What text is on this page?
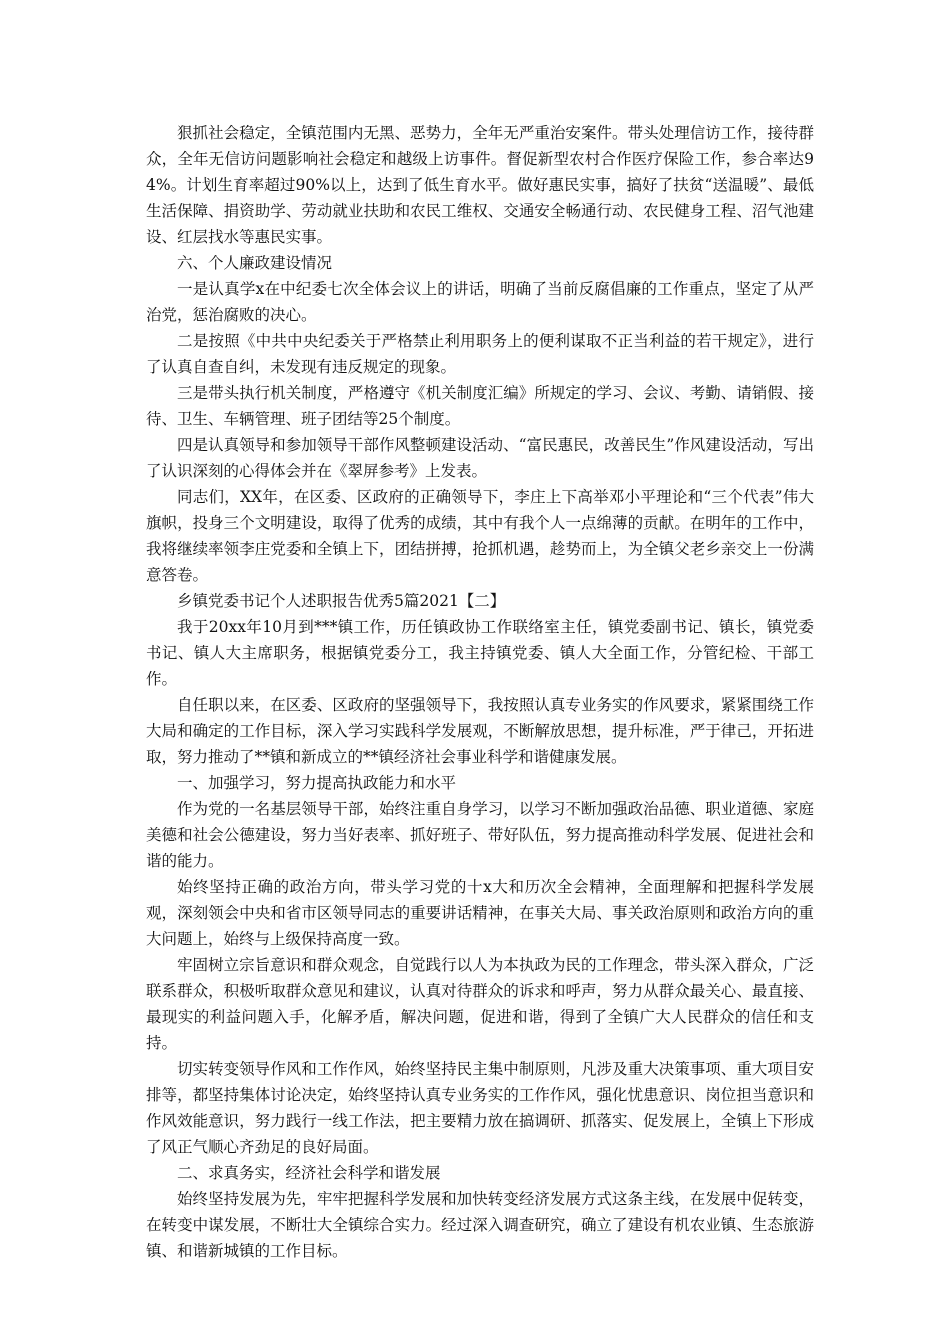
狠抓社会稳定，全镇范围内无黑、恶势力，全年无严重治安案件。带头处理信访工作，接待群众，全年无信访问题影响社会稳定和越级上访事件。督促新型农村合作医疗保险工作，参合率达94%。计划生育率超过90%以上，达到了低生育水平。做好惠民实事，搞好了扶贫“送温暖”、最低生活保障、捐资助学、劳动就业扶助和农民工维权、交通安全畅通行动、农民健身工程、沼气池建设、红层找水等惠民实事。

六、个人廉政建设情况

一是认真学x在中纪委七次全体会议上的讲话，明确了当前反腐倡廉的工作重点，坚定了从严治党，惩治腐败的决心。

二是按照《中共中央纪委关于严格禁止利用职务上的便利谋取不正当利益的若干规定》，进行了认真自查自纠，未发现有违反规定的现象。

三是带头执行机关制度，严格遵守《机关制度汇编》所规定的学习、会议、考勤、请销假、接待、卫生、车辆管理、班子团结等25个制度。

四是认真领导和参加领导干部作风整顿建设活动、“富民惠民，改善民生”作风建设活动，写出了认识深刻的心得体会并在《翠屏参考》上发表。

同志们，XX年，在区委、区政府的正确领导下，李庄上下高举邓小平理论和“三个代表”伟大旗帜，投身三个文明建设，取得了优秀的成绩，其中有我个人一点绵薄的贡献。在明年的工作中，我将继续率领李庄党委和全镇上下，团结拼搏，抢抓机遇，趁势而上，为全镇父老乡亲交上一份满意答卷。

乡镇党委书记个人述职报告优秀5篇2021【二】

我于20xx年10月到***镇工作，历任镇政协工作联络室主任，镇党委副书记、镇长，镇党委书记、镇人大主席职务，根据镇党委分工，我主持镇党委、镇人大全面工作，分管纪检、干部工作。

自任职以来，在区委、区政府的坚强领导下，我按照认真专业务实的作风要求，紧紧围绕工作大局和确定的工作目标，深入学习实践科学发展观，不断解放思想，提升标准，严于律己，开拓进取，努力推动了**镇和新成立的**镇经济社会事业科学和谐健康发展。

一、加强学习，努力提高执政能力和水平

作为党的一名基层领导干部，始终注重自身学习，以学习不断加强政治品德、职业道德、家庭美德和社会公德建设，努力当好表率、抓好班子、带好队伍，努力提高推动科学发展、促进社会和谐的能力。

始终坚持正确的政治方向，带头学习党的十x大和历次全会精神，全面理解和把握科学发展观，深刻领会中央和省市区领导同志的重要讲话精神，在事关大局、事关政治原则和政治方向的重大问题上，始终与上级保持高度一致。

牢固树立宗旨意识和群众观念，自觉践行以人为本执政为民的工作理念，带头深入群众，广泛联系群众，积极听取群众意见和建议，认真对待群众的诉求和呼声，努力从群众最关心、最直接、最现实的利益问题入手，化解矛盾，解决问题，促进和谐，得到了全镇广大人民群众的信任和支持。

切实转变领导作风和工作作风，始终坚持民主集中制原则，凡涉及重大决策事项、重大项目安排等，都坚持集体讨论决定，始终坚持认真专业务实的工作作风，强化忧患意识、岗位担当意识和作风效能意识，努力践行一线工作法，把主要精力放在搞调研、抓落实、促发展上，全镇上下形成了风正气顺心齐劲足的良好局面。

二、求真务实，经济社会科学和谐发展

始终坚持发展为先，牢牢把握科学发展和加快转变经济发展方式这条主线，在发展中促转变，在转变中谋发展，不断壮大全镇综合实力。经过深入调查研究，确立了建设有机农业镇、生态旅游镇、和谐新城镇的工作目标。
